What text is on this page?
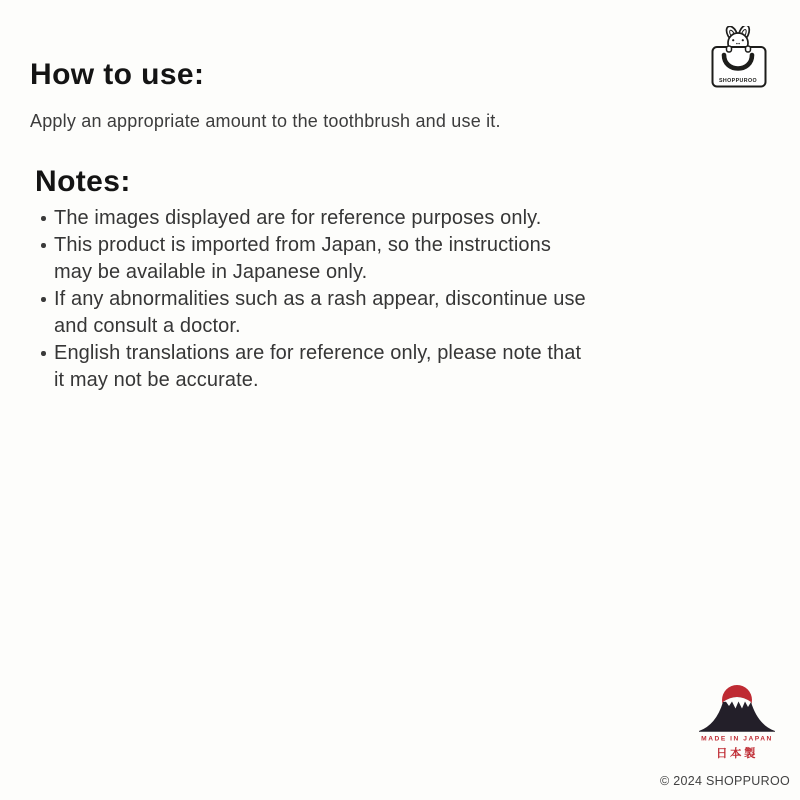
How to use:	SHOPPUROO

Apply an appropriate amount to the toothbrush and use it.

Notes:
The images displayed are for reference purposes only.
This product is imported from Japan, so the instructions may be available in Japanese only.
If any abnormalities such as a rash appear, discontinue use and consult a doctor.
English translations are for reference only, please note that it may not be accurate.
MADE IN JAPAN
日本製
© 2024 SHOPPUROO
